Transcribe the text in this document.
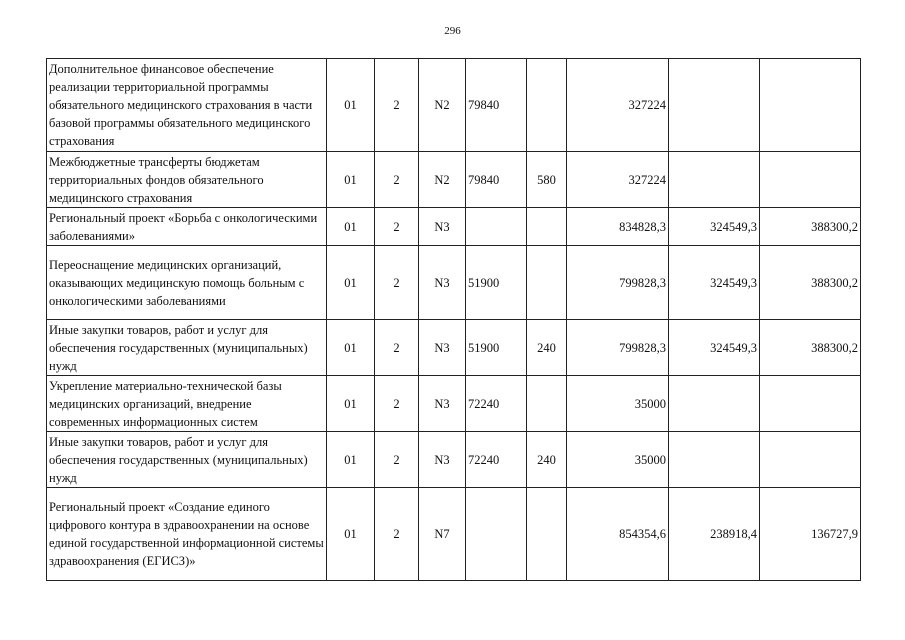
296
Дополнительное финансовое обеспечение реализации территориальной программы обязательного медицинского страхования в части базовой программы обязательного медицинского страхования	01	2	N2	79840		327224		
Межбюджетные трансферты бюджетам территориальных фондов обязательного медицинского страхования	01	2	N2	79840	580	327224		
Региональный проект «Борьба с онкологическими заболеваниями»	01	2	N3			834828,3	324549,3	388300,2
Переоснащение медицинских организаций, оказывающих медицинскую помощь больным с онкологическими заболеваниями	01	2	N3	51900		799828,3	324549,3	388300,2
Иные закупки товаров, работ и услуг для обеспечения государственных (муниципальных) нужд	01	2	N3	51900	240	799828,3	324549,3	388300,2
Укрепление материально-технической базы медицинских организаций, внедрение современных информационных систем	01	2	N3	72240		35000		
Иные закупки товаров, работ и услуг для обеспечения государственных (муниципальных) нужд	01	2	N3	72240	240	35000		
Региональный проект «Создание единого цифрового контура в здравоохранении на основе единой государственной информационной системы здравоохранения (ЕГИСЗ)»	01	2	N7			854354,6	238918,4	136727,9
